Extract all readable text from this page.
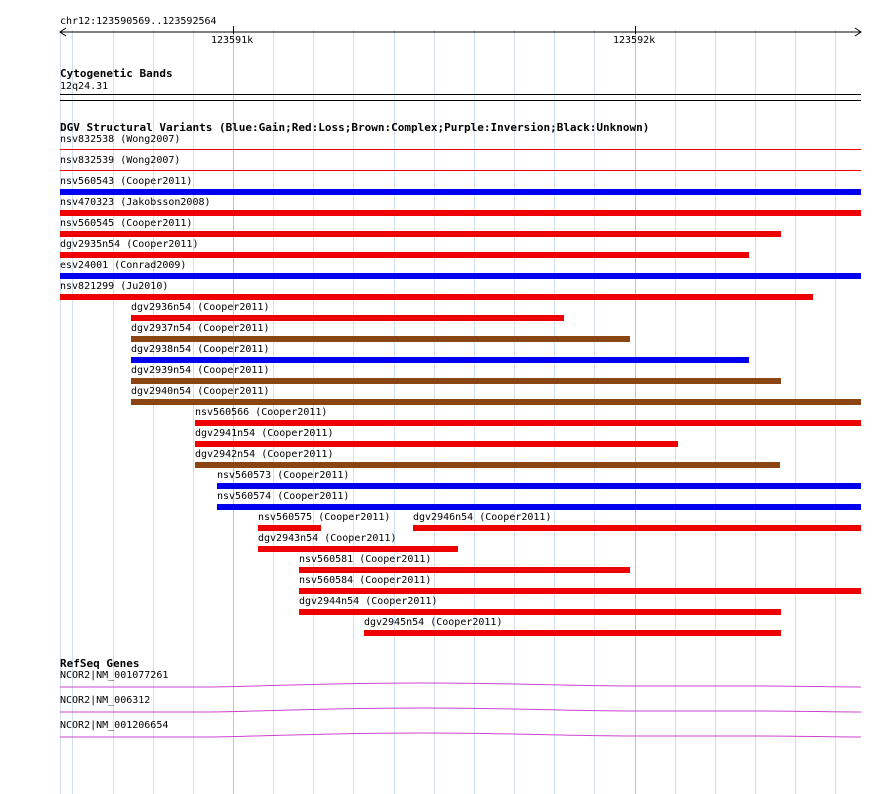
chr12:123590569..123592564
123591k	123592k
Cytogenetic Bands
12q24.31
DGV Structural Variants (Blue:Gain;Red:Loss;Brown:Complex;Purple:Inversion;Black:Unknown)
nsv832538 (Wong2007)
nsv832539 (Wong2007)
nsv560543 (Cooper2011)
nsv470323 (Jakobsson2008)
nsv560545 (Cooper2011)
dgv2935n54 (Cooper2011)
esv24001 (Conrad2009)
nsv821299 (Ju2010)
dgv2936n54 (Cooper2011)
dgv2937n54 (Cooper2011)
dgv2938n54 (Cooper2011)
dgv2939n54 (Cooper2011)
dgv2940n54 (Cooper2011)
nsv560566 (Cooper2011)
dgv2941n54 (Cooper2011)
dgv2942n54 (Cooper2011)
nsv560573 (Cooper2011)
nsv560574 (Cooper2011)
nsv560575 (Cooper2011) dgv2946n54 (Cooper2011)
dgv2943n54 (Cooper2011)
nsv560581 (Cooper2011)
nsv560584 (Cooper2011)
dgv2944n54 (Cooper2011)
dgv2945n54 (Cooper2011)
RefSeq Genes
NCOR2|NM_001077261
NCOR2|NM_006312
NCOR2|NM_001206654
